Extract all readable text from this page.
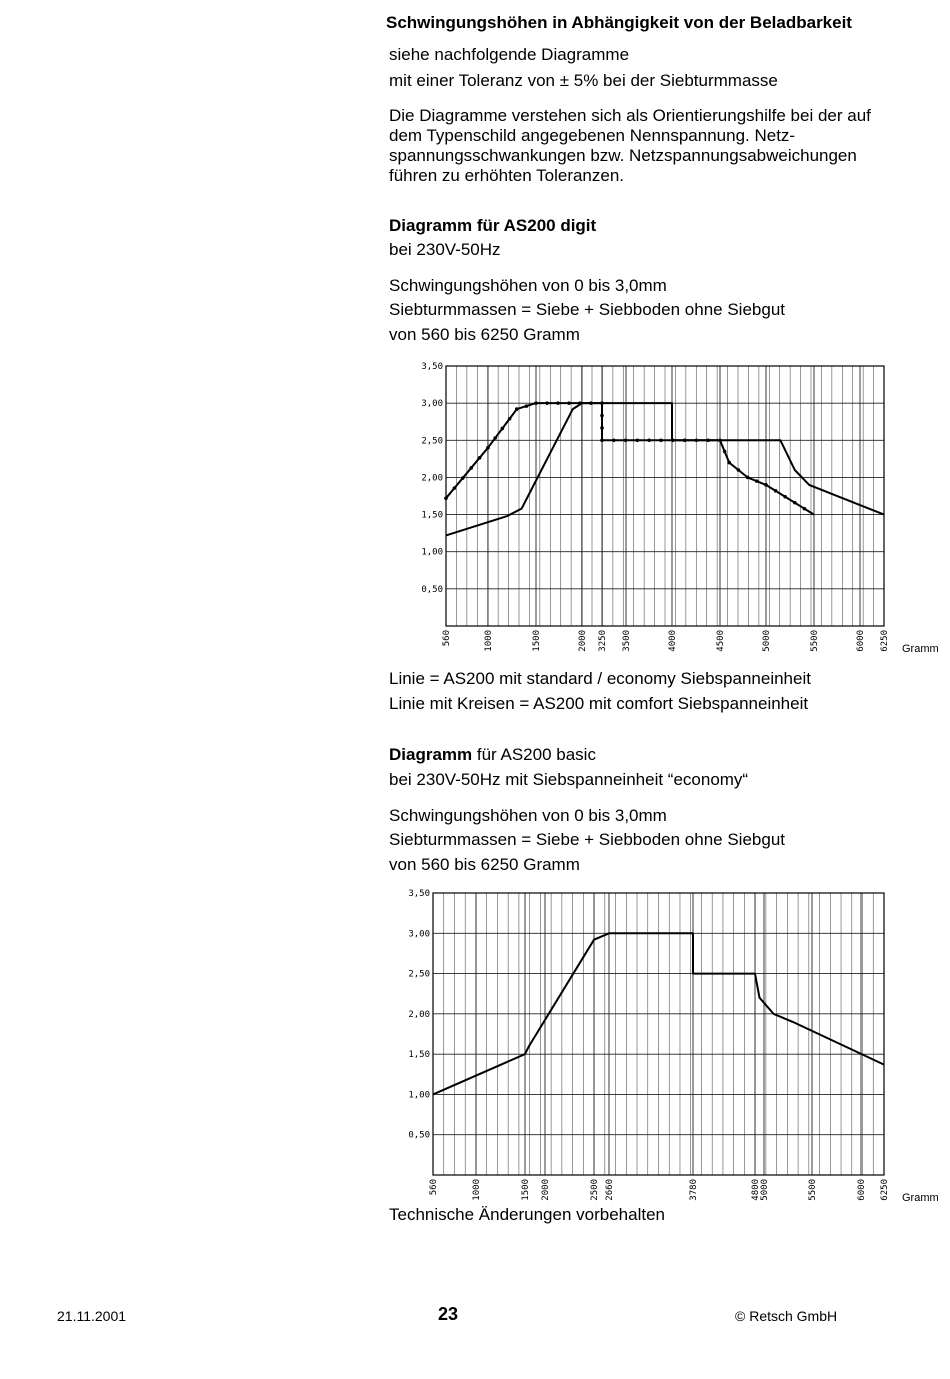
Schwingungshöhen in Abhängigkeit von der Beladbarkeit
siehe nachfolgende Diagramme
mit einer Toleranz von ± 5% bei der Siebturmmasse
Die Diagramme verstehen sich als Orientierungshilfe bei der auf dem Typenschild angegebenen Nennspannung. Netz-spannungsschwankungen bzw. Netzspannungsabweichungen führen zu erhöhten Toleranzen.
Diagramm für AS200 digit
bei 230V-50Hz
Schwingungshöhen von 0 bis 3,0mm
Siebturmmassen = Siebe + Siebboden ohne Siebgut
von 560 bis 6250 Gramm
0,50
1,00
1,50
2,00
2,50
3,00
3,50
560	1000	1500	2000 3250 3500	4000	4500	5000	5500	6000 6250 Gramm
Linie = AS200 mit standard / economy Siebspanneinheit
Linie mit Kreisen = AS200 mit comfort Siebspanneinheit
Diagramm für AS200 basic
bei 230V-50Hz mit Siebspanneinheit “economy“
Schwingungshöhen von 0 bis 3,0mm
Siebturmmassen = Siebe + Siebboden ohne Siebgut
von 560 bis 6250 Gramm
0,50
1,00
1,50
2,00
2,50
3,00
3,50
560	1000	1500 2000	2500 2660	3780	4800 5000	5500	6000 6250 Gramm
Technische Änderungen vorbehalten
21.11.2001	23	© Retsch GmbH
